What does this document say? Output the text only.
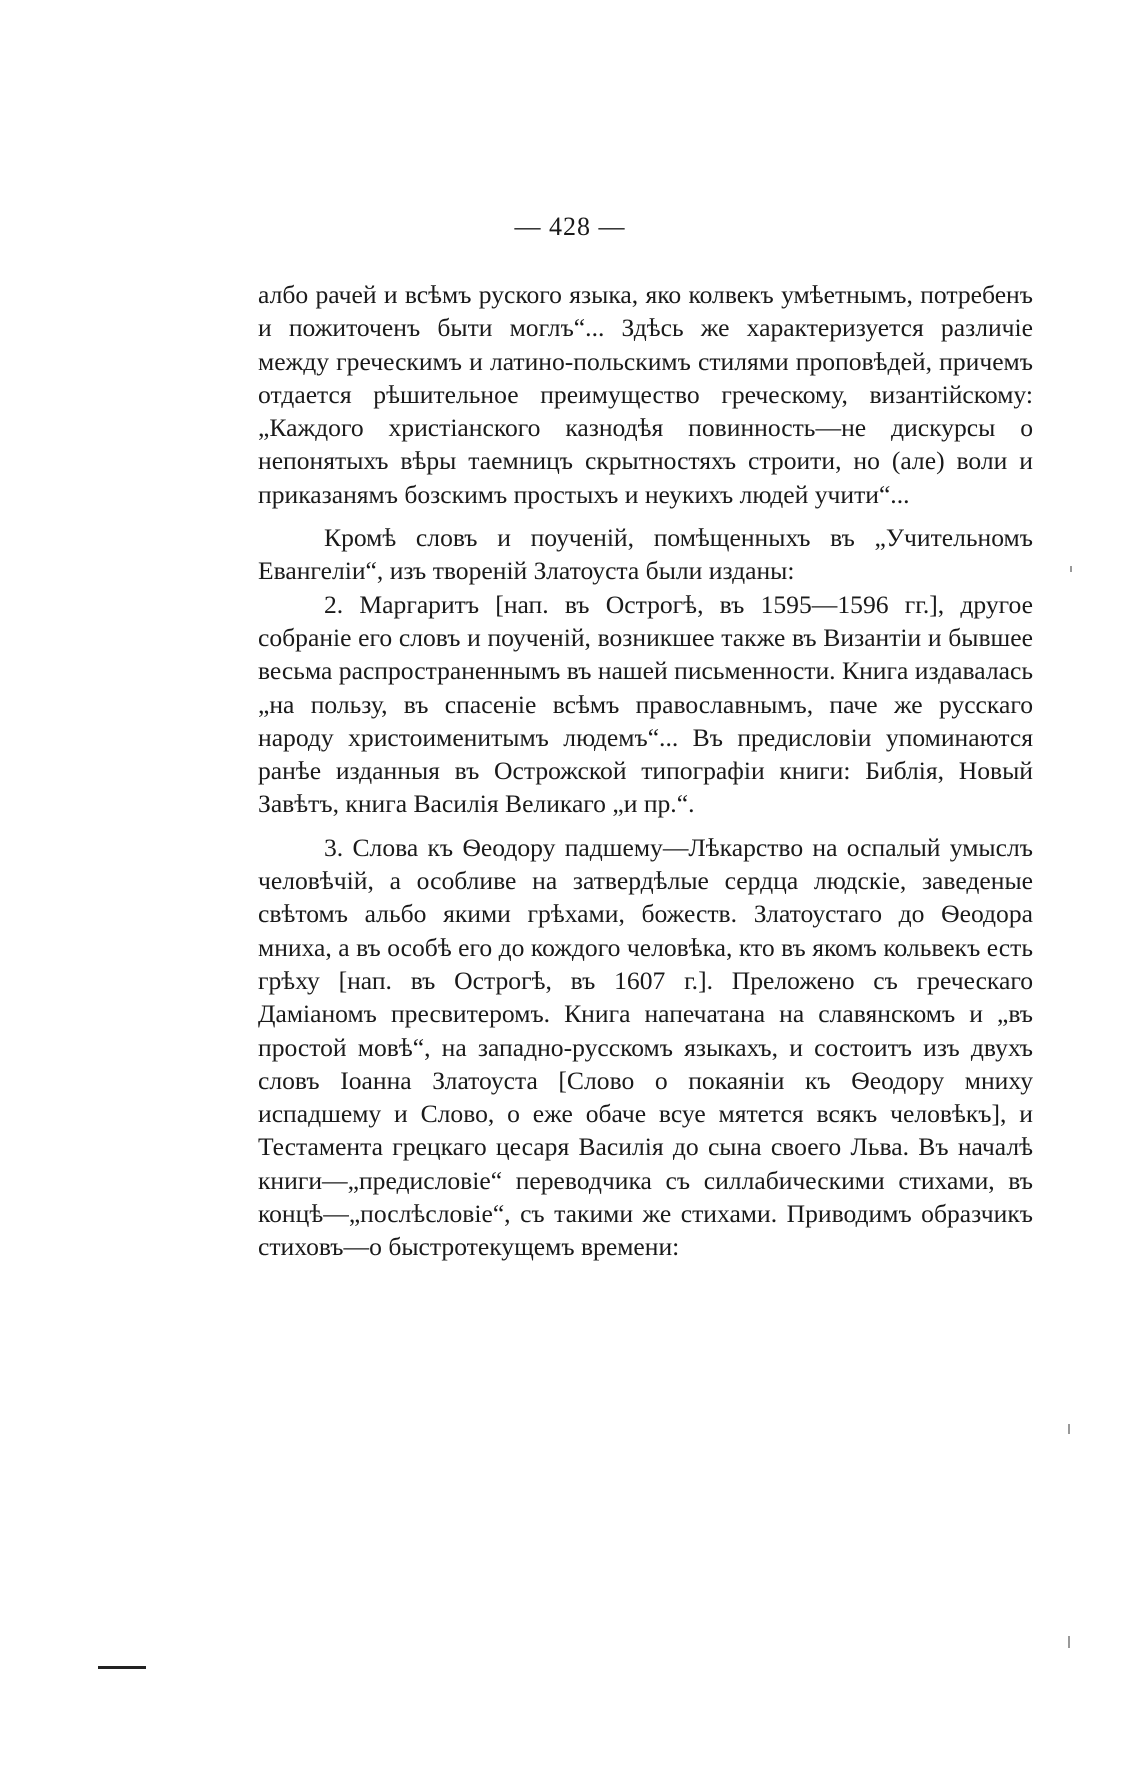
— 428 —

албо рачей и всѣмъ руского языка, яко колвекъ умѣетнымъ, потребенъ и пожиточенъ быти моглъ“... Здѣсь же характеризуется различіе между греческимъ и латино-польскимъ стилями проповѣдей, причемъ отдается рѣшительное преимущество греческому, византійскому: „Каждого христіанского казнодѣя повинность—не дискурсы о непонятыхъ вѣры таемницъ скрытностяхъ строити, но (але) воли и приказанямъ бозскимъ простыхъ и неукихъ людей учити“...

Кромѣ словъ и поученій, помѣщенныхъ въ „Учительномъ Евангеліи“, изъ твореній Златоуста были изданы:

2. Маргаритъ [нап. въ Острогѣ, въ 1595—1596 гг.], другое собраніе его словъ и поученій, возникшее также въ Византіи и бывшее весьма распространеннымъ въ нашей письменности. Книга издавалась „на пользу, въ спасеніе всѣмъ православнымъ, паче же русскаго народу христоименитымъ людемъ“... Въ предисловіи упоминаются ранѣе изданныя въ Острожской типографіи книги: Библія, Новый Завѣтъ, книга Василія Великаго „и пр.“.

3. Слова къ Ѳеодору падшему—Лѣкарство на оспалый умыслъ человѣчій, а особливе на затвердѣлые сердца людскіе, заведеные свѣтомъ альбо якими грѣхами, божеств. Златоустаго до Ѳеодора мниха, а въ особѣ его до кождого человѣка, кто въ якомъ кольвекъ есть грѣху [нап. въ Острогѣ, въ 1607 г.]. Преложено съ греческаго Даміаномъ пресвитеромъ. Книга напечатана на славянскомъ и „въ простой мовѣ“, на западно-русскомъ языкахъ, и состоитъ изъ двухъ словъ Іоанна Златоуста [Слово о покаяніи къ Ѳеодору мниху испадшему и Слово, о еже обаче всуе мятется всякъ человѣкъ], и Тестамента грецкаго цесаря Василія до сына своего Льва. Въ началѣ книги—„предисловіе“ переводчика съ силлабическими стихами, въ концѣ—„послѣсловіе“, съ такими же стихами. Приводимъ образчикъ стиховъ—о быстротекущемъ времени:
